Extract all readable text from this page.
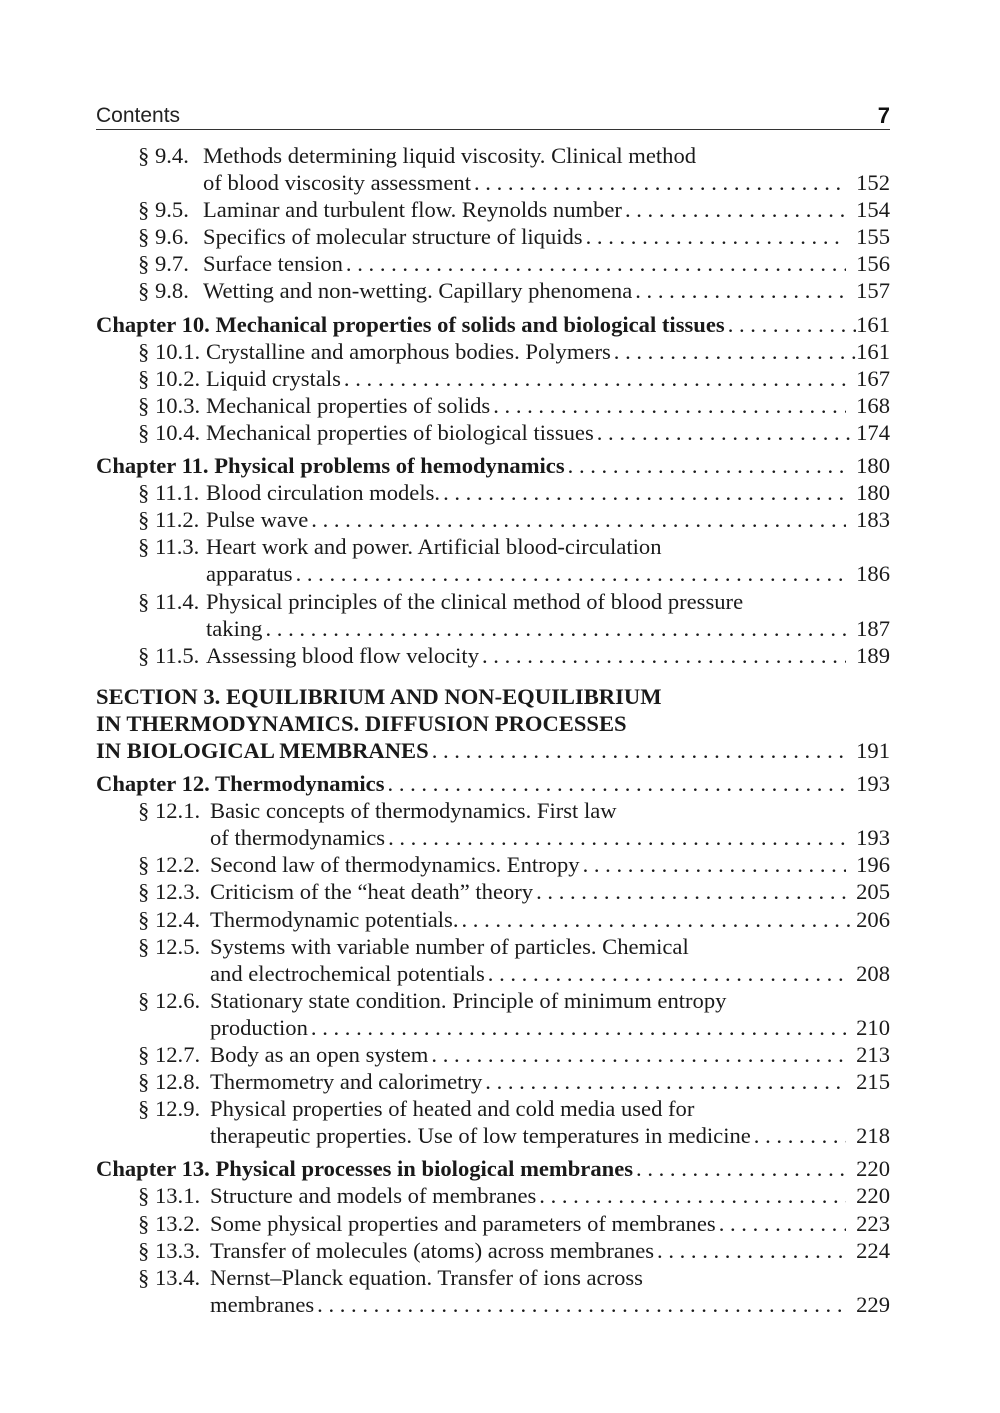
Contents	7
§ 9.4. Methods determining liquid viscosity. Clinical method
of blood viscosity assessment . . .	152
§ 9.5. Laminar and turbulent flow. Reynolds number . . .	154
§ 9.6. Specifics of molecular structure of liquids . . .	155
§ 9.7. Surface tension . . .	156
§ 9.8. Wetting and non-wetting. Capillary phenomena . . .	157
Chapter 10. Mechanical properties of solids and biological tissues . . .	161
§ 10.1. Crystalline and amorphous bodies. Polymers . . .	161
§ 10.2. Liquid crystals . . .	167
§ 10.3. Mechanical properties of solids . . .	168
§ 10.4. Mechanical properties of biological tissues . . .	174
Chapter 11. Physical problems of hemodynamics . . .	180
§ 11.1. Blood circulation models. . . .	180
§ 11.2. Pulse wave . . .	183
§ 11.3. Heart work and power. Artificial blood-circulation
apparatus . . .	186
§ 11.4. Physical principles of the clinical method of blood pressure
taking . . .	187
§ 11.5. Assessing blood flow velocity . . .	189
SECTION 3. EQUILIBRIUM AND NON-EQUILIBRIUM
IN THERMODYNAMICS. DIFFUSION PROCESSES
IN BIOLOGICAL MEMBRANES . . .	191
Chapter 12. Thermodynamics . . .	193
§ 12.1. Basic concepts of thermodynamics. First law
of thermodynamics . . .	193
§ 12.2. Second law of thermodynamics. Entropy . . .	196
§ 12.3. Criticism of the “heat death” theory . . .	205
§ 12.4. Thermodynamic potentials. . . .	206
§ 12.5. Systems with variable number of particles. Chemical
and electrochemical potentials . . .	208
§ 12.6. Stationary state condition. Principle of minimum entropy
production . . .	210
§ 12.7. Body as an open system . . .	213
§ 12.8. Thermometry and calorimetry . . .	215
§ 12.9. Physical properties of heated and cold media used for
therapeutic properties. Use of low temperatures in medicine . . .	218
Chapter 13. Physical processes in biological membranes . . .	220
§ 13.1. Structure and models of membranes . . .	220
§ 13.2. Some physical properties and parameters of membranes . . .	223
§ 13.3. Transfer of molecules (atoms) across membranes . . .	224
§ 13.4. Nernst–Planck equation. Transfer of ions across
membranes . . .	229
